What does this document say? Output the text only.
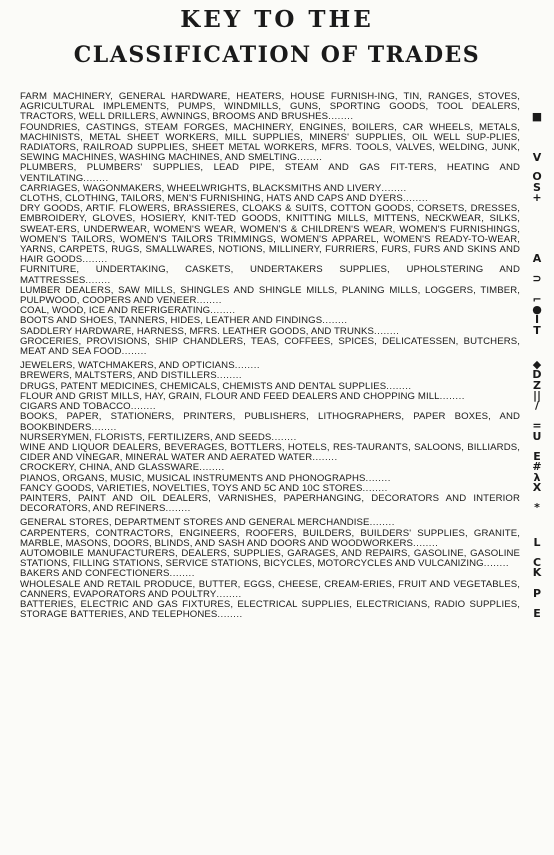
KEY TO THE
CLASSIFICATION OF TRADES

FARM MACHINERY, GENERAL HARDWARE, HEATERS, HOUSE FURNISH-ING, TIN, RANGES, STOVES, AGRICULTURAL IMPLEMENTS, PUMPS, WINDMILLS, GUNS, SPORTING GOODS, TOOL DEALERS, TRACTORS, WELL DRILLERS, AWNINGS, BROOMS AND BRUSHES........

FOUNDRIES, CASTINGS, STEAM FORGES, MACHINERY, ENGINES, BOILERS, CAR WHEELS, METALS, MACHINISTS, METAL SHEET WORKERS, MILL SUPPLIES, MINERS' SUPPLIES, OIL WELL SUP-PLIES, RADIATORS, RAILROAD SUPPLIES, SHEET METAL WORKERS, MFRS. TOOLS, VALVES, WELDING, JUNK, SEWING MACHINES, WASHING MACHINES, AND SMELTING........

PLUMBERS, PLUMBERS' SUPPLIES, LEAD PIPE, STEAM AND GAS FIT-TERS, HEATING AND VENTILATING........

CARRIAGES, WAGONMAKERS, WHEELWRIGHTS, BLACKSMITHS AND LIVERY........

CLOTHS, CLOTHING, TAILORS, MEN'S FURNISHING, HATS AND CAPS AND DYERS........

DRY GOODS, ARTIF. FLOWERS, BRASSIERES, CLOAKS & SUITS, COTTON GOODS, CORSETS, DRESSES, EMBROIDERY, GLOVES, HOSIERY, KNIT-TED GOODS, KNITTING MILLS, MITTENS, NECKWEAR, SILKS, SWEAT-ERS, UNDERWEAR, WOMEN'S WEAR, WOMEN'S & CHILDREN'S WEAR, WOMEN'S FURNISHINGS, WOMEN'S TAILORS, WOMEN'S TAILORS TRIMMINGS, WOMEN'S APPAREL, WOMEN'S READY-TO-WEAR, YARNS, CARPETS, RUGS, SMALLWARES, NOTIONS, MILLINERY, FURRIERS, FURS, FURS AND SKINS AND HAIR GOODS........

FURNITURE, UNDERTAKING, CASKETS, UNDERTAKERS SUPPLIES, UPHOLSTERING AND MATTRESSES........

LUMBER DEALERS, SAW MILLS, SHINGLES AND SHINGLE MILLS, PLANING MILLS, LOGGERS, TIMBER, PULPWOOD, COOPERS AND VENEER........

COAL, WOOD, ICE AND REFRIGERATING........

BOOTS AND SHOES, TANNERS, HIDES, LEATHER AND FINDINGS........

SADDLERY HARDWARE, HARNESS, MFRS. LEATHER GOODS, AND TRUNKS........

GROCERIES, PROVISIONS, SHIP CHANDLERS, TEAS, COFFEES, SPICES, DELICATESSEN, BUTCHERS, MEAT AND SEA FOOD........

JEWELERS, WATCHMAKERS, AND OPTICIANS........

BREWERS, MALTSTERS, AND DISTILLERS........

DRUGS, PATENT MEDICINES, CHEMICALS, CHEMISTS AND DENTAL SUPPLIES........

FLOUR AND GRIST MILLS, HAY, GRAIN, FLOUR AND FEED DEALERS AND CHOPPING MILL........

CIGARS AND TOBACCO........

BOOKS, PAPER, STATIONERS, PRINTERS, PUBLISHERS, LITHOGRAPHERS, PAPER BOXES, AND BOOKBINDERS........

NURSERYMEN, FLORISTS, FERTILIZERS, AND SEEDS........

WINE AND LIQUOR DEALERS, BEVERAGES, BOTTLERS, HOTELS, RES-TAURANTS, SALOONS, BILLIARDS, CIDER AND VINEGAR, MINERAL WATER AND AERATED WATER........

CROCKERY, CHINA, AND GLASSWARE........

PIANOS, ORGANS, MUSIC, MUSICAL INSTRUMENTS AND PHONOGRAPHS........

FANCY GOODS, VARIETIES, NOVELTIES, TOYS AND 5C AND 10C STORES........

PAINTERS, PAINT AND OIL DEALERS, VARNISHES, PAPERHANGING, DECORATORS AND INTERIOR DECORATORS, AND REFINERS........

GENERAL STORES, DEPARTMENT STORES AND GENERAL MERCHANDISE........

CARPENTERS, CONTRACTORS, ENGINEERS, ROOFERS, BUILDERS, BUILDERS' SUPPLIES, GRANITE, MARBLE, MASONS, DOORS, BLINDS, AND SASH AND DOORS AND WOODWORKERS........

AUTOMOBILE MANUFACTURERS, DEALERS, SUPPLIES, GARAGES, AND REPAIRS, GASOLINE, GASOLINE STATIONS, FILLING STATIONS, SERVICE STATIONS, BICYCLES, MOTORCYCLES AND VULCANIZING........

BAKERS AND CONFECTIONERS........

WHOLESALE AND RETAIL PRODUCE, BUTTER, EGGS, CHEESE, CREAM-ERIES, FRUIT AND VEGETABLES, CANNERS, EVAPORATORS AND POULTRY........

BATTERIES, ELECTRIC AND GAS FIXTURES, ELECTRICAL SUPPLIES, ELECTRICIANS, RADIO SUPPLIES, STORAGE BATTERIES, AND TELEPHONES........

■
V
O
S
+
A
⊃
⌐
●
I
T
◆
D
Z
||
/
=
U
E
#
λ
X
*
L
C
K
P
E
